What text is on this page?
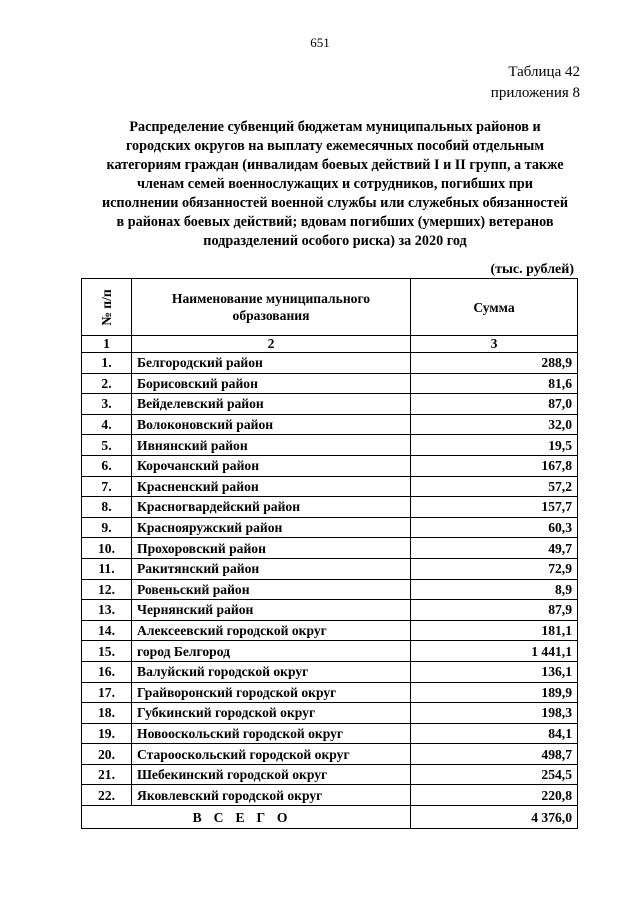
651
Таблица 42
приложения 8
Распределение субвенций бюджетам муниципальных районов и городских округов на выплату ежемесячных пособий отдельным категориям граждан (инвалидам боевых действий I и II групп, а также членам семей военнослужащих и сотрудников, погибших при исполнении обязанностей военной службы или служебных обязанностей в районах боевых действий; вдовам погибших (умерших) ветеранов подразделений особого риска) за 2020 год
(тыс. рублей)
№ п/п	Наименование муниципального образования	Сумма
1	2	3
1.	Белгородский район	288,9
2.	Борисовский район	81,6
3.	Вейделевский район	87,0
4.	Волоконовский район	32,0
5.	Ивнянский район	19,5
6.	Корочанский район	167,8
7.	Красненский район	57,2
8.	Красногвардейский район	157,7
9.	Краснояружский район	60,3
10.	Прохоровский район	49,7
11.	Ракитянский район	72,9
12.	Ровеньский район	8,9
13.	Чернянский район	87,9
14.	Алексеевский городской округ	181,1
15.	город Белгород	1 441,1
16.	Валуйский городской округ	136,1
17.	Грайворонский городской округ	189,9
18.	Губкинский городской округ	198,3
19.	Новооскольский городской округ	84,1
20.	Старооскольский городской округ	498,7
21.	Шебекинский городской округ	254,5
22.	Яковлевский городской округ	220,8
ВСЕГО		4 376,0
